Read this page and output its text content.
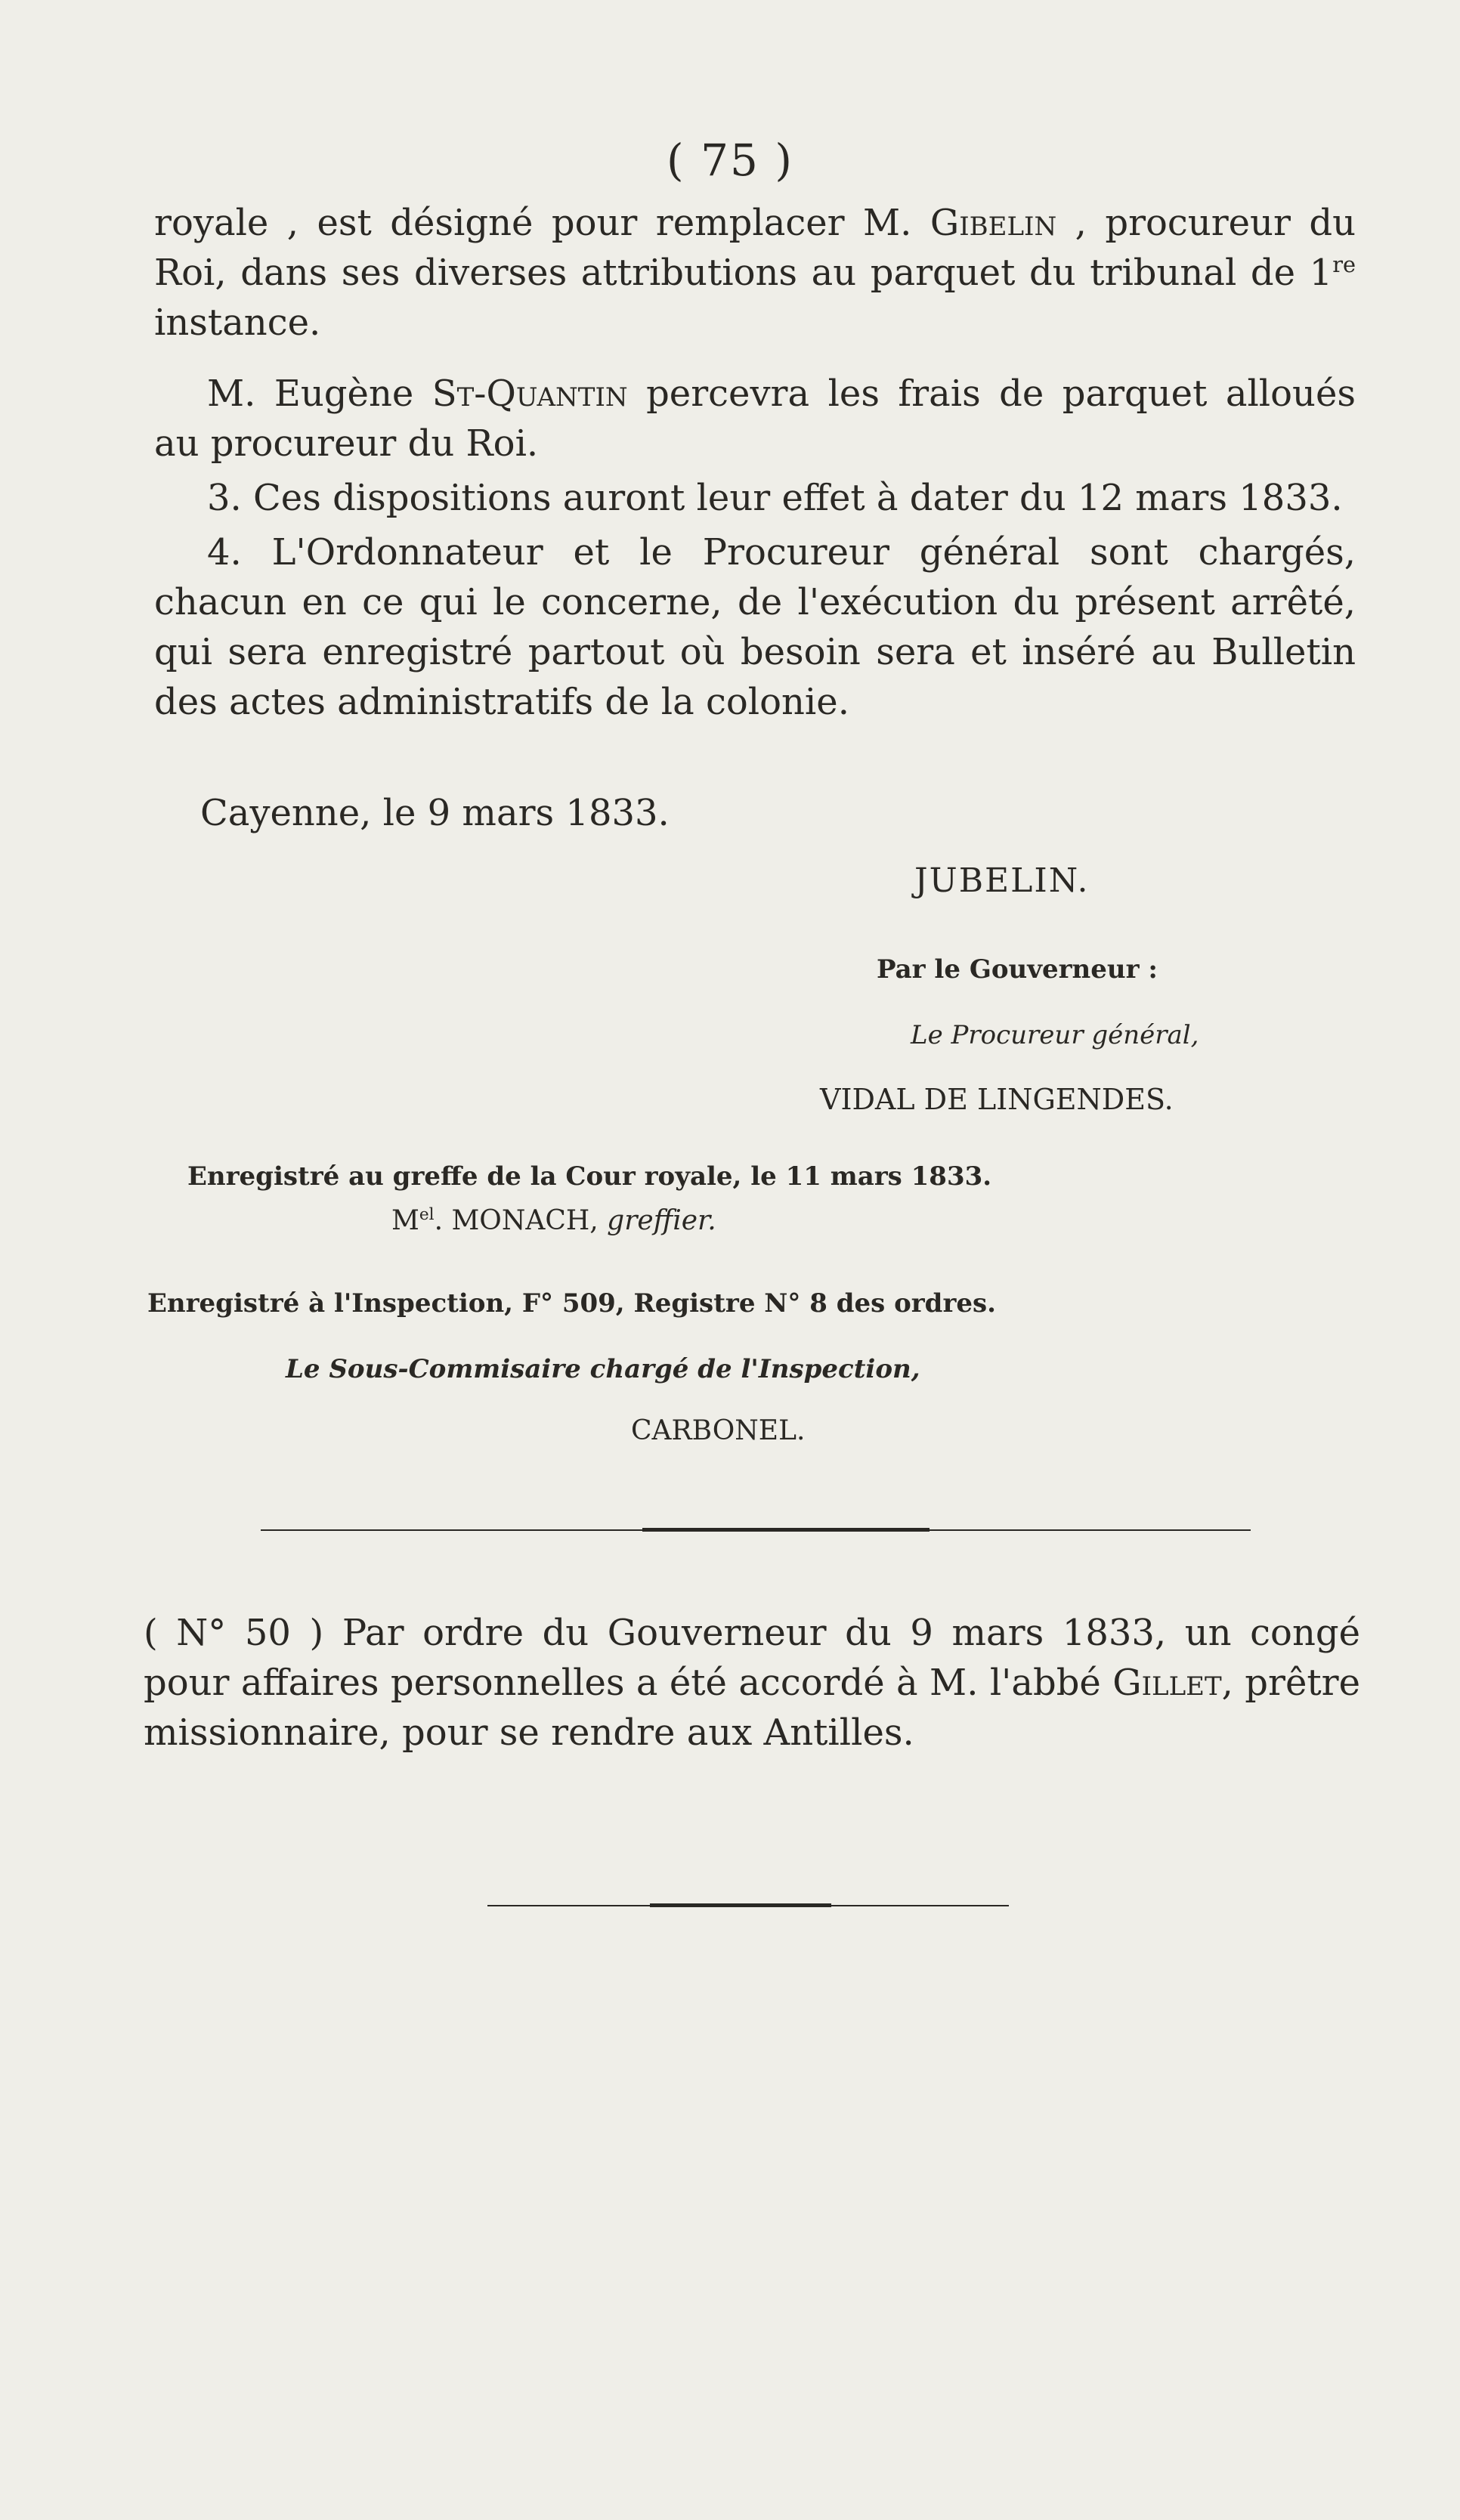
( 75 )

royale , est désigné pour remplacer M. Gibelin , procureur du Roi, dans ses diverses attributions au parquet du tribunal de 1re instance.

M. Eugène St-Quantin percevra les frais de parquet alloués au procureur du Roi.

3. Ces dispositions auront leur effet à dater du 12 mars 1833.

4. L'Ordonnateur et le Procureur général sont chargés, chacun en ce qui le concerne, de l'exécution du présent arrêté, qui sera enregistré partout où besoin sera et inséré au Bulletin des actes administratifs de la colonie.

Cayenne, le 9 mars 1833.
JUBELIN.
Par le Gouverneur :
Le Procureur général,
VIDAL DE LINGENDES.
Enregistré au greffe de la Cour royale, le 11 mars 1833.
$M^{el}$. MONACH, greffier.
Enregistré à l'Inspection, F° 509, Registre N° 8 des ordres.
Le Sous-Commisaire chargé de l'Inspection,
CARBONEL.

( N° 50 ) Par ordre du Gouverneur du 9 mars 1833, un congé pour affaires personnelles a été accordé à M. l'abbé Gillet, prêtre missionnaire, pour se rendre aux Antilles.
